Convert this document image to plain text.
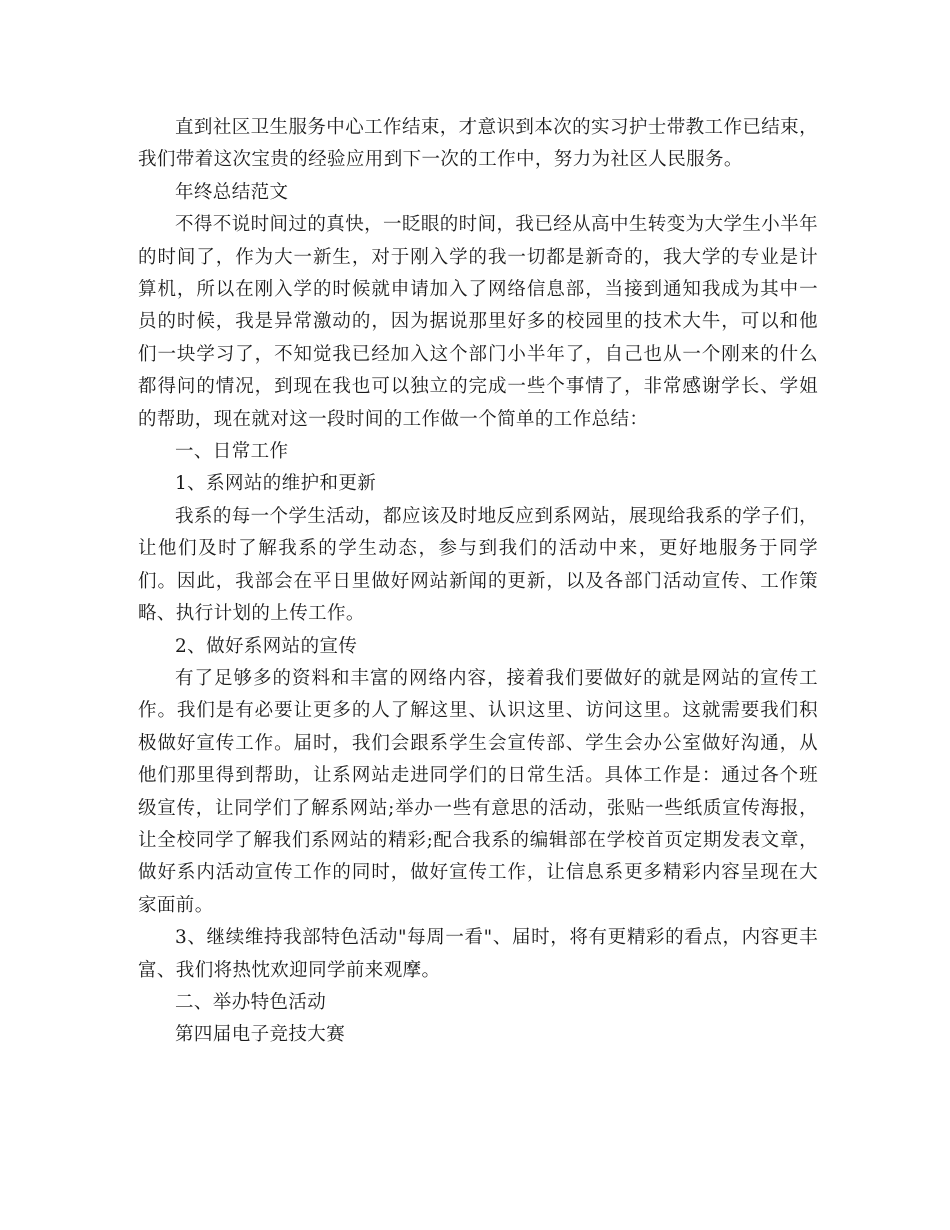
直到社区卫生服务中心工作结束，才意识到本次的实习护士带教工作已结束，我们带着这次宝贵的经验应用到下一次的工作中，努力为社区人民服务。

年终总结范文

不得不说时间过的真快，一眨眼的时间，我已经从高中生转变为大学生小半年的时间了，作为大一新生，对于刚入学的我一切都是新奇的，我大学的专业是计算机，所以在刚入学的时候就申请加入了网络信息部，当接到通知我成为其中一员的时候，我是异常激动的，因为据说那里好多的校园里的技术大牛，可以和他们一块学习了，不知觉我已经加入这个部门小半年了，自己也从一个刚来的什么都得问的情况，到现在我也可以独立的完成一些个事情了，非常感谢学长、学姐的帮助，现在就对这一段时间的工作做一个简单的工作总结：

一、日常工作

1、系网站的维护和更新

我系的每一个学生活动，都应该及时地反应到系网站，展现给我系的学子们，让他们及时了解我系的学生动态，参与到我们的活动中来，更好地服务于同学们。因此，我部会在平日里做好网站新闻的更新，以及各部门活动宣传、工作策略、执行计划的上传工作。

2、做好系网站的宣传

有了足够多的资料和丰富的网络内容，接着我们要做好的就是网站的宣传工作。我们是有必要让更多的人了解这里、认识这里、访问这里。这就需要我们积极做好宣传工作。届时，我们会跟系学生会宣传部、学生会办公室做好沟通，从他们那里得到帮助，让系网站走进同学们的日常生活。具体工作是：通过各个班级宣传，让同学们了解系网站;举办一些有意思的活动，张贴一些纸质宣传海报，让全校同学了解我们系网站的精彩;配合我系的编辑部在学校首页定期发表文章，做好系内活动宣传工作的同时，做好宣传工作，让信息系更多精彩内容呈现在大家面前。

3、继续维持我部特色活动"每周一看"、届时，将有更精彩的看点，内容更丰富、我们将热忱欢迎同学前来观摩。

二、举办特色活动

第四届电子竞技大赛
